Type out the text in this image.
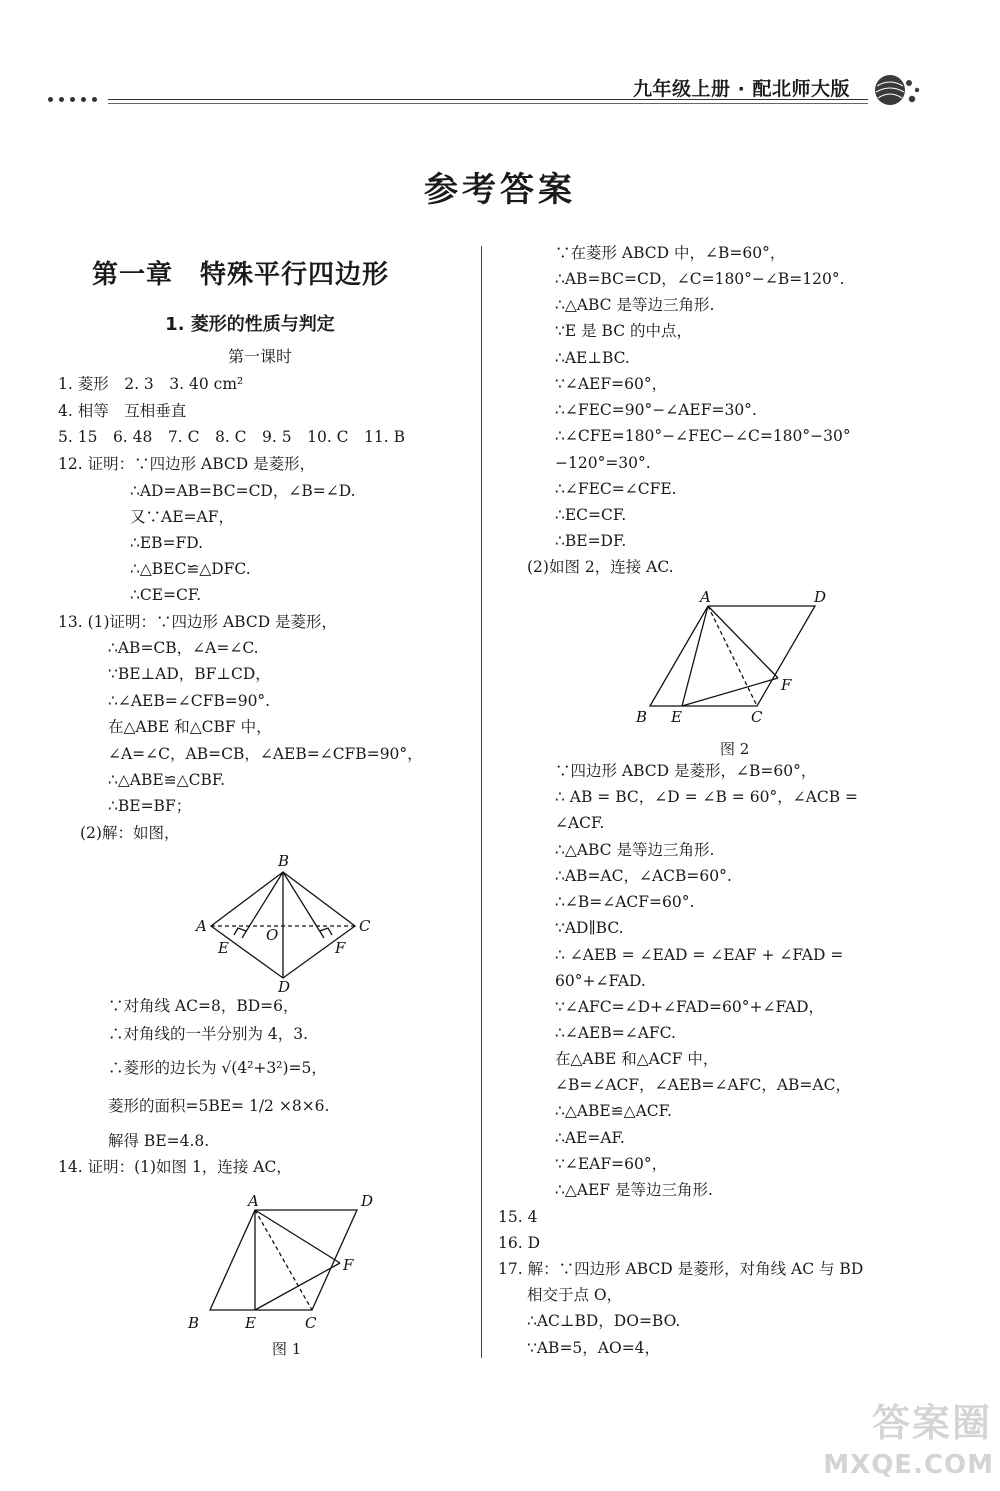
九年级上册 · 配北师大版
参考答案
第一章　特殊平行四边形
1. 菱形的性质与判定
第一课时
1. 菱形　2. 3　3. 40 cm²
4. 相等　互相垂直
5. 15　6. 48　7. C　8. C　9. 5　10. C　11. B
12. 证明：∵四边形 ABCD 是菱形，
∴AD=AB=BC=CD，∠B=∠D.
又∵AE=AF，
∴EB=FD.
∴△BEC≌△DFC.
∴CE=CF.
13. (1)证明：∵四边形 ABCD 是菱形，
∴AB=CB，∠A=∠C.
∵BE⊥AD，BF⊥CD，
∴∠AEB=∠CFB=90°.
在△ABE 和△CBF 中，
∠A=∠C，AB=CB，∠AEB=∠CFB=90°，
∴△ABE≌△CBF.
∴BE=BF；
(2)解：如图，
B
A	C
D
O
E	F
∵对角线 AC=8，BD=6，
∴对角线的一半分别为 4，3.
∴菱形的边长为 √(4²+3²)=5，
菱形的面积=5BE= 1/2 ×8×6.
解得 BE=4.8.
14. 证明：(1)如图 1，连接 AC，
A	D
B	E	C
F
图 1
∵在菱形 ABCD 中，∠B=60°，
∴AB=BC=CD，∠C=180°−∠B=120°.
∴△ABC 是等边三角形.
∵E 是 BC 的中点，
∴AE⊥BC.
∵∠AEF=60°，
∴∠FEC=90°−∠AEF=30°.
∴∠CFE=180°−∠FEC−∠C=180°−30°
−120°=30°.
∴∠FEC=∠CFE.
∴EC=CF.
∴BE=DF.
(2)如图 2，连接 AC.
A	D
B E	C
F
图 2
∵四边形 ABCD 是菱形，∠B=60°，
∴ AB = BC，∠D = ∠B = 60°，∠ACB =
∠ACF.
∴△ABC 是等边三角形.
∴AB=AC，∠ACB=60°.
∴∠B=∠ACF=60°.
∵AD∥BC.
∴ ∠AEB = ∠EAD = ∠EAF + ∠FAD =
60°+∠FAD.
∵∠AFC=∠D+∠FAD=60°+∠FAD，
∴∠AEB=∠AFC.
在△ABE 和△ACF 中，
∠B=∠ACF，∠AEB=∠AFC，AB=AC，
∴△ABE≌△ACF.
∴AE=AF.
∵∠EAF=60°，
∴△AEF 是等边三角形.
15. 4
16. D
17. 解：∵四边形 ABCD 是菱形，对角线 AC 与 BD
相交于点 O，
∴AC⊥BD，DO=BO.
∵AB=5，AO=4，
答案圈
MXQE.COM
